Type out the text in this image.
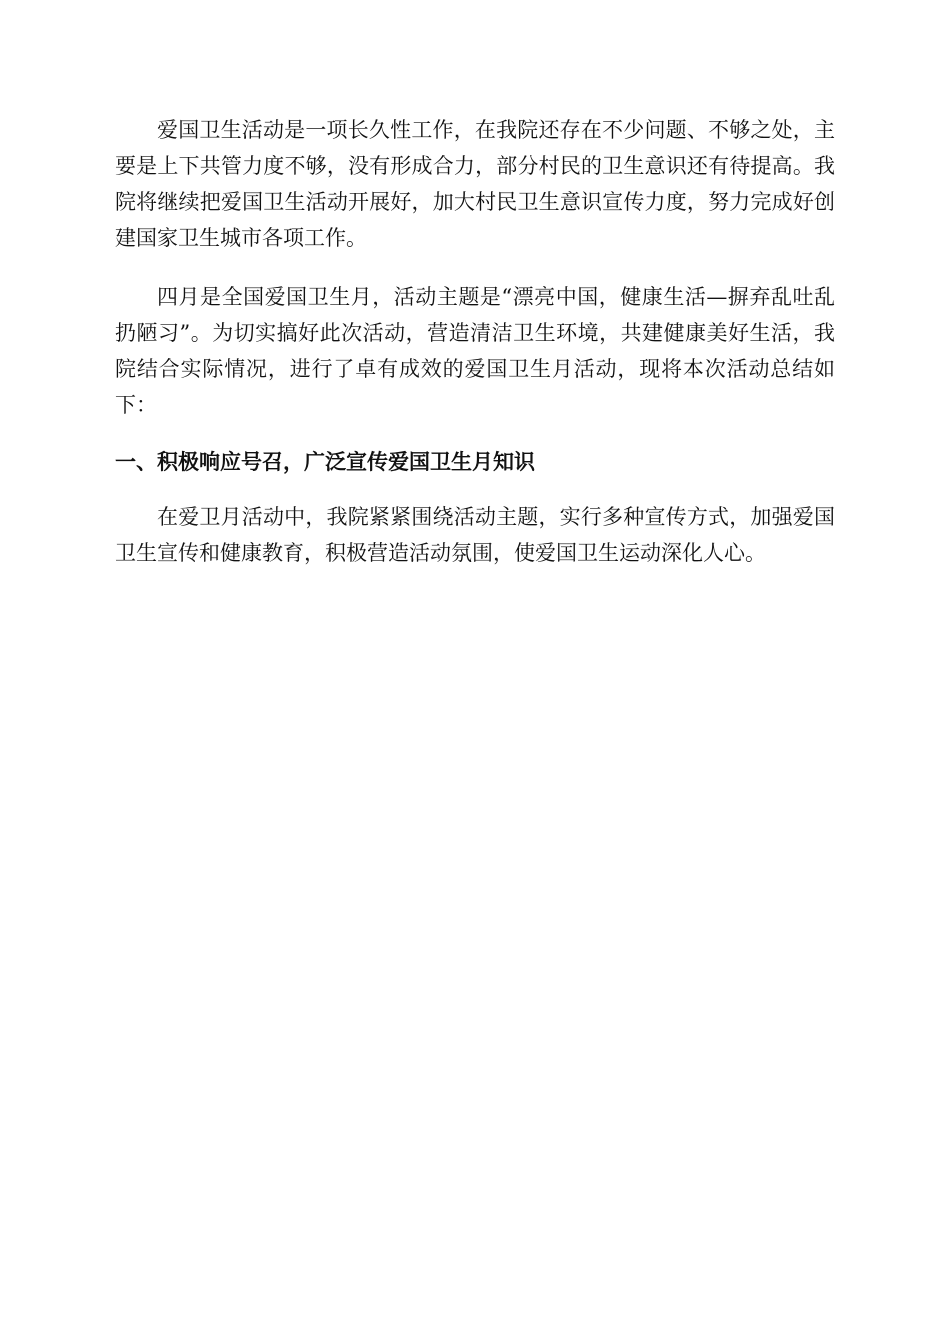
爱国卫生活动是一项长久性工作，在我院还存在不少问题、不够之处，主要是上下共管力度不够，没有形成合力，部分村民的卫生意识还有待提高。我院将继续把爱国卫生活动开展好，加大村民卫生意识宣传力度，努力完成好创建国家卫生城市各项工作。

四月是全国爱国卫生月，活动主题是“漂亮中国，健康生活—摒弃乱吐乱扔陋习”。为切实搞好此次活动，营造清洁卫生环境，共建健康美好生活，我院结合实际情况，进行了卓有成效的爱国卫生月活动，现将本次活动总结如下：

一、积极响应号召，广泛宣传爱国卫生月知识

在爱卫月活动中，我院紧紧围绕活动主题，实行多种宣传方式，加强爱国卫生宣传和健康教育，积极营造活动氛围，使爱国卫生运动深化人心。
